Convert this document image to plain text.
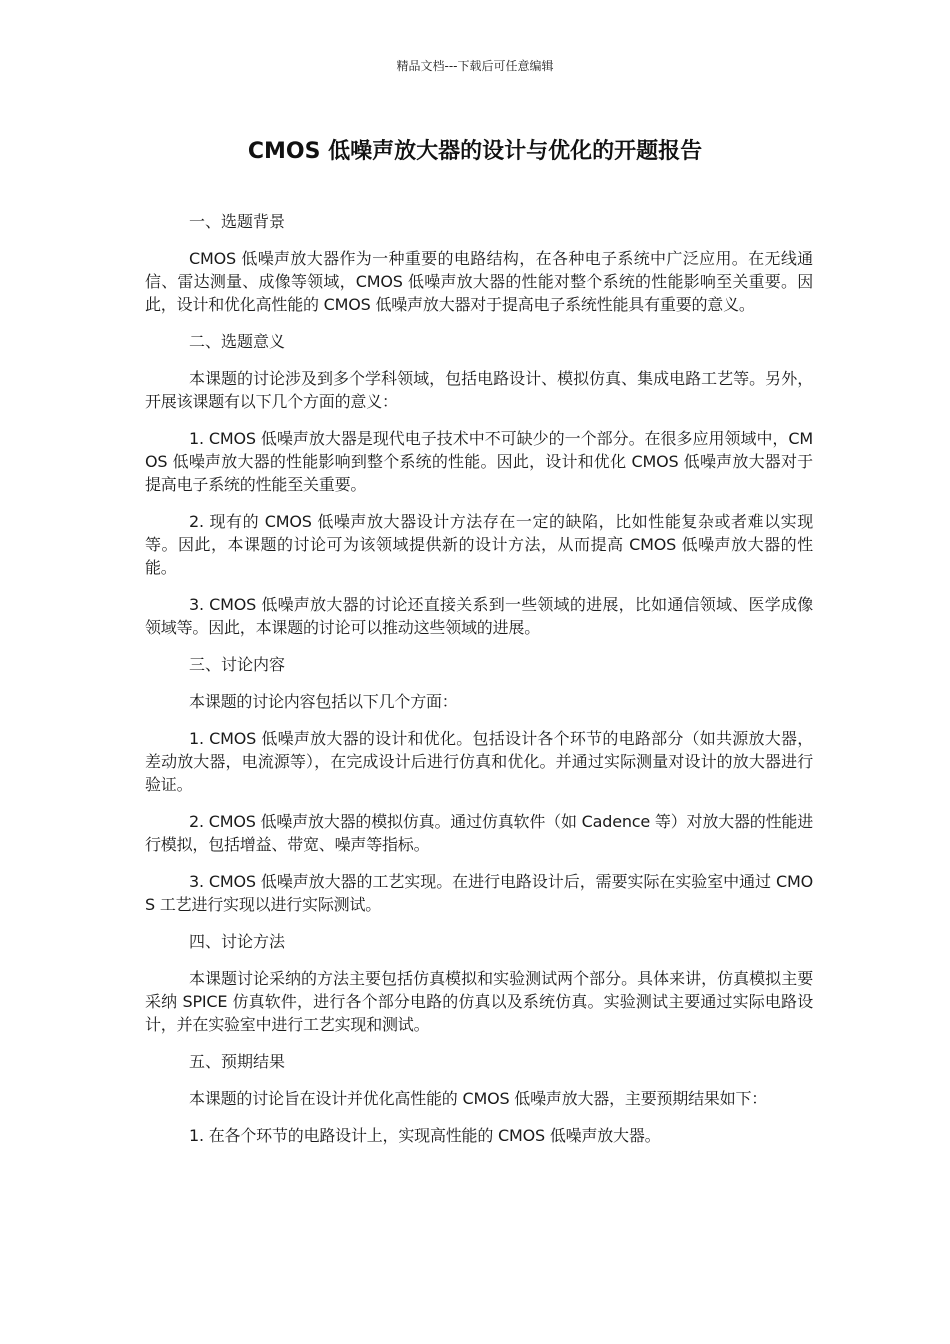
精品文档---下载后可任意编辑
CMOS 低噪声放大器的设计与优化的开题报告
一、选题背景

CMOS 低噪声放大器作为一种重要的电路结构，在各种电子系统中广泛应用。在无线通信、雷达测量、成像等领域，CMOS 低噪声放大器的性能对整个系统的性能影响至关重要。因此，设计和优化高性能的 CMOS 低噪声放大器对于提高电子系统性能具有重要的意义。

二、选题意义

本课题的讨论涉及到多个学科领域，包括电路设计、模拟仿真、集成电路工艺等。另外，开展该课题有以下几个方面的意义：

1. CMOS 低噪声放大器是现代电子技术中不可缺少的一个部分。在很多应用领域中，CMOS 低噪声放大器的性能影响到整个系统的性能。因此，设计和优化 CMOS 低噪声放大器对于提高电子系统的性能至关重要。

2. 现有的 CMOS 低噪声放大器设计方法存在一定的缺陷，比如性能复杂或者难以实现等。因此，本课题的讨论可为该领域提供新的设计方法，从而提高 CMOS 低噪声放大器的性能。

3. CMOS 低噪声放大器的讨论还直接关系到一些领域的进展，比如通信领域、医学成像领域等。因此，本课题的讨论可以推动这些领域的进展。

三、讨论内容

本课题的讨论内容包括以下几个方面：

1. CMOS 低噪声放大器的设计和优化。包括设计各个环节的电路部分（如共源放大器，差动放大器，电流源等），在完成设计后进行仿真和优化。并通过实际测量对设计的放大器进行验证。

2. CMOS 低噪声放大器的模拟仿真。通过仿真软件（如 Cadence 等）对放大器的性能进行模拟，包括增益、带宽、噪声等指标。

3. CMOS 低噪声放大器的工艺实现。在进行电路设计后，需要实际在实验室中通过 CMOS 工艺进行实现以进行实际测试。

四、讨论方法

本课题讨论采纳的方法主要包括仿真模拟和实验测试两个部分。具体来讲，仿真模拟主要采纳 SPICE 仿真软件，进行各个部分电路的仿真以及系统仿真。实验测试主要通过实际电路设计，并在实验室中进行工艺实现和测试。

五、预期结果

本课题的讨论旨在设计并优化高性能的 CMOS 低噪声放大器，主要预期结果如下：

1. 在各个环节的电路设计上，实现高性能的 CMOS 低噪声放大器。
